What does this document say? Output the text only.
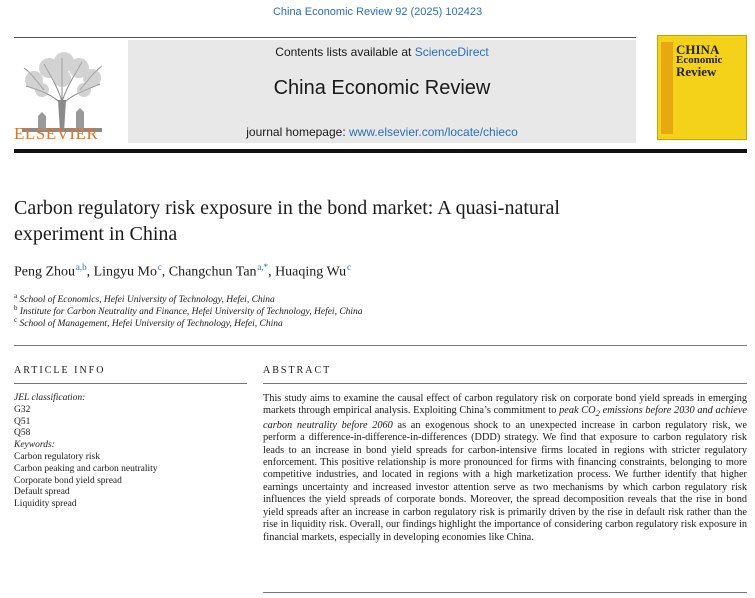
China Economic Review 92 (2025) 102423
ELSEVIER
Contents lists available at ScienceDirect
China Economic Review
journal homepage: www.elsevier.com/locate/chieco
CHINA
Economic
Review
Carbon regulatory risk exposure in the bond market: A quasi-natural experiment in China
Peng Zhou $^{a,b}$, Lingyu Mo $^c$, Changchun Tan $^{a,*}$, Huaqing Wu $^c$
$^a$ School of Economics, Hefei University of Technology, Hefei, China
$^b$ Institute for Carbon Neutrality and Finance, Hefei University of Technology, Hefei, China
$^c$ School of Management, Hefei University of Technology, Hefei, China
ARTICLE INFO	ABSTRACT
JEL classification:
G32
Q51
Q58
Keywords:
Carbon regulatory risk
Carbon peaking and carbon neutrality
Corporate bond yield spread
Default spread
Liquidity spread
This study aims to examine the causal effect of carbon regulatory risk on corporate bond yield spreads in emerging markets through empirical analysis. Exploiting China’s commitment to peak $CO_2$ emissions before 2030 and achieve carbon neutrality before 2060 as an exogenous shock to an unexpected increase in carbon regulatory risk, we perform a difference-in-difference-in-differences (DDD) strategy. We find that exposure to carbon regulatory risk leads to an increase in bond yield spreads for carbon-intensive firms located in regions with stricter regulatory enforcement. This positive relationship is more pronounced for firms with financing constraints, belonging to more competitive industries, and located in regions with a high marketization process. We further identify that higher earnings uncertainty and increased investor attention serve as two mechanisms by which carbon regulatory risk influences the yield spreads of corporate bonds. Moreover, the spread decomposition reveals that the rise in bond yield spreads after an increase in carbon regulatory risk is primarily driven by the rise in default risk rather than the rise in liquidity risk. Overall, our findings highlight the importance of considering carbon regulatory risk exposure in financial markets, especially in developing economies like China.
